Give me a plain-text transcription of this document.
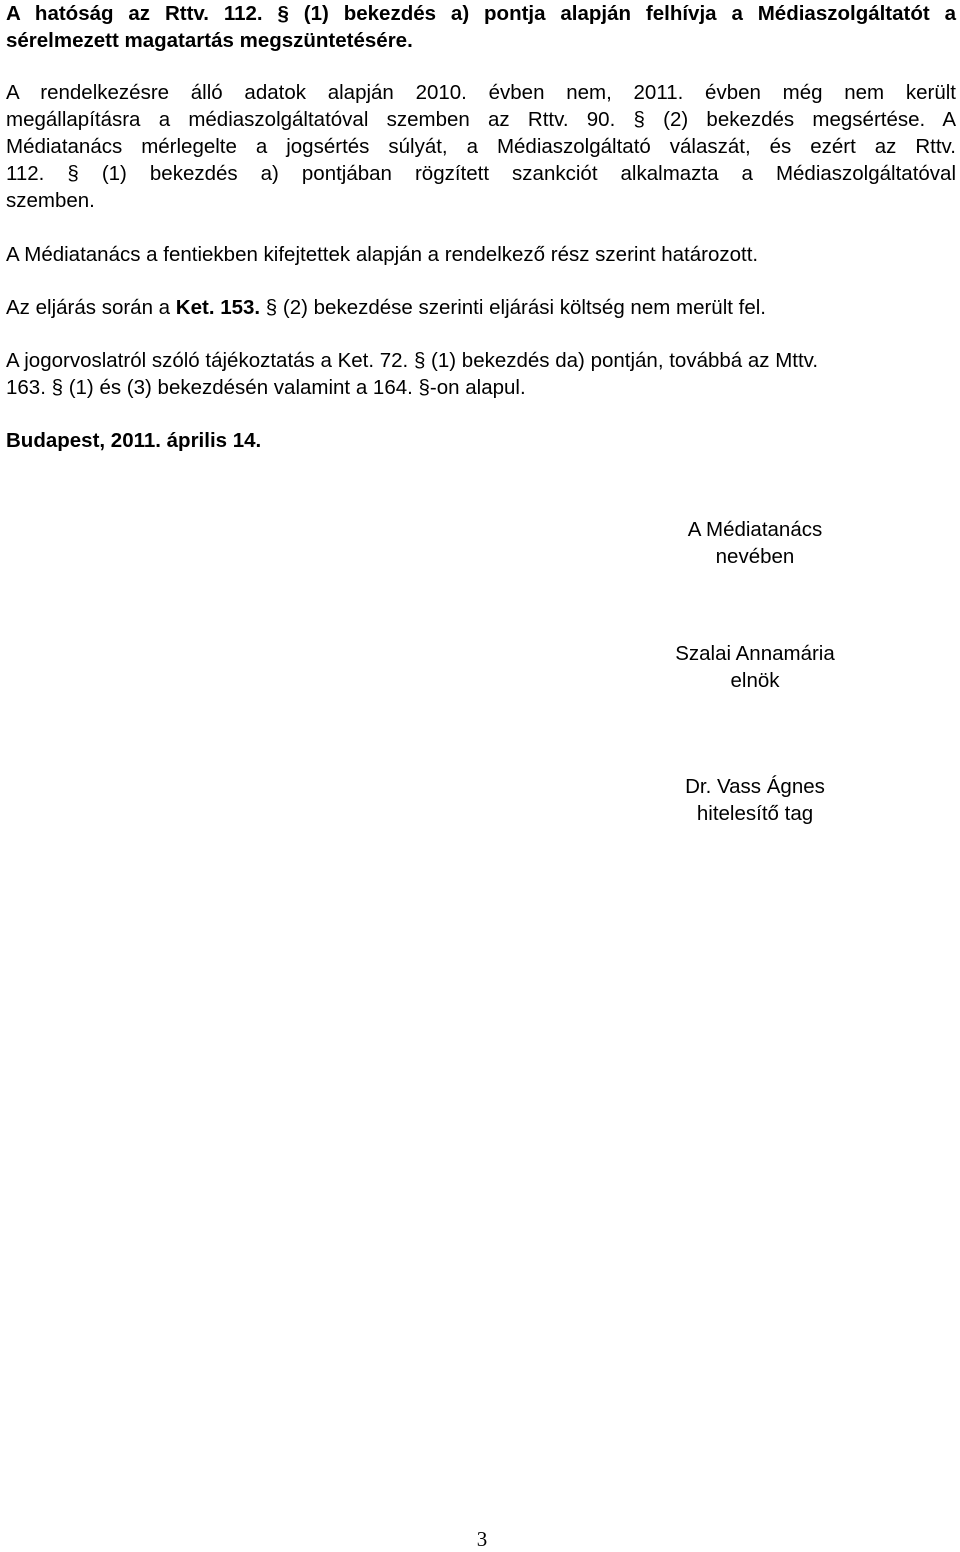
A hatóság az Rttv. 112. § (1) bekezdés a) pontja alapján felhívja a Médiaszolgáltatót a
sérelmezett magatartás megszüntetésére.

A rendelkezésre álló adatok alapján 2010. évben nem, 2011. évben még nem került
megállapításra a médiaszolgáltatóval szemben az Rttv. 90. § (2) bekezdés megsértése. A
Médiatanács mérlegelte a jogsértés súlyát, a Médiaszolgáltató válaszát, és ezért az Rttv.
112. § (1) bekezdés a) pontjában rögzített szankciót alkalmazta a Médiaszolgáltatóval
szemben.

A Médiatanács a fentiekben kifejtettek alapján a rendelkező rész szerint határozott.

Az eljárás során a Ket. 153. § (2) bekezdése szerinti eljárási költség nem merült fel.

A jogorvoslatról szóló tájékoztatás a Ket. 72. § (1) bekezdés da) pontján, továbbá az Mttv.
163. § (1) és (3) bekezdésén valamint a 164. §-on alapul.

Budapest, 2011. április 14.

A Médiatanács
nevében

Szalai Annamária
elnök

Dr. Vass Ágnes
hitelesítő tag

3
